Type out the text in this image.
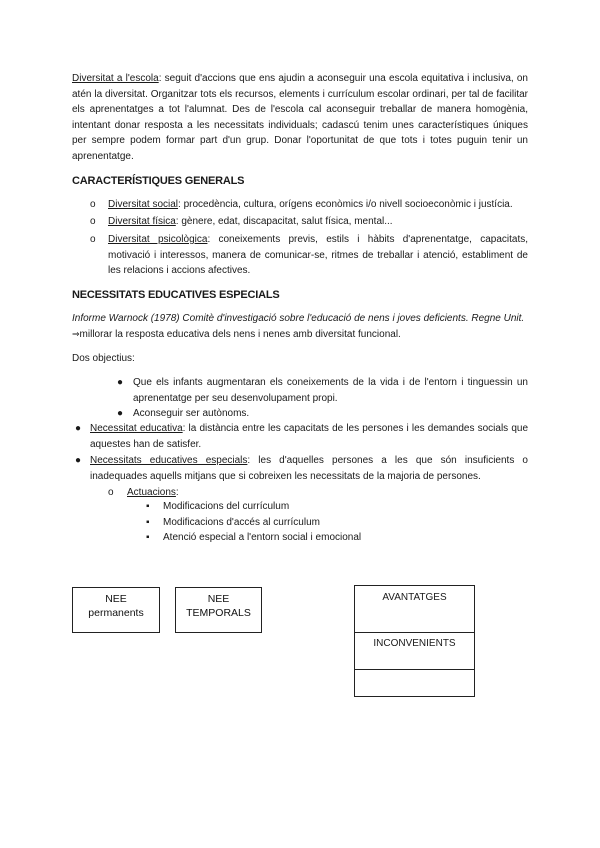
Diversitat a l'escola: seguit d'accions que ens ajudin a aconseguir una escola equitativa i inclusiva, on atén la diversitat. Organitzar tots els recursos, elements i currículum escolar ordinari, per tal de facilitar els aprenentatges a tot l'alumnat. Des de l'escola cal aconseguir treballar de manera homogènia, intentant donar resposta a les necessitats individuals; cadascú tenim unes característiques úniques per sempre podem formar part d'un grup. Donar l'oportunitat de que tots i totes puguin tenir un aprenentatge.
CARACTERÍSTIQUES GENERALS
o Diversitat social: procedència, cultura, orígens econòmics i/o nivell socioeconòmic i justícia.
o Diversitat física: gènere, edat, discapacitat, salut física, mental...
o Diversitat psicològica: coneixements previs, estils i hàbits d'aprenentatge, capacitats, motivació i interessos, manera de comunicar-se, ritmes de treballar i atenció, establiment de les relacions i accions afectives.
NECESSITATS EDUCATIVES ESPECIALS
Informe Warnock (1978) Comitè d'investigació sobre l'educació de nens i joves deficients. Regne Unit.
⇒millorar la resposta educativa dels nens i nenes amb diversitat funcional.
Dos objectius:
● Que els infants augmentaran els coneixements de la vida i de l'entorn i tinguessin un aprenentatge per seu desenvolupament propi.
● Aconseguir ser autònoms.
● Necessitat educativa: la distància entre les capacitats de les persones i les demandes socials que aquestes han de satisfer.
● Necessitats educatives especials: les d'aquelles persones a les que són insuficients o inadequades aquells mitjans que si cobreixen les necessitats de la majoria de persones.
o Actuacions:
▪ Modificacions del currículum
▪ Modificacions d'accés al currículum
▪ Atenció especial a l'entorn social i emocional
NEE
permanents
NEE
TEMPORALS
AVANTATGES
INCONVENIENTS
